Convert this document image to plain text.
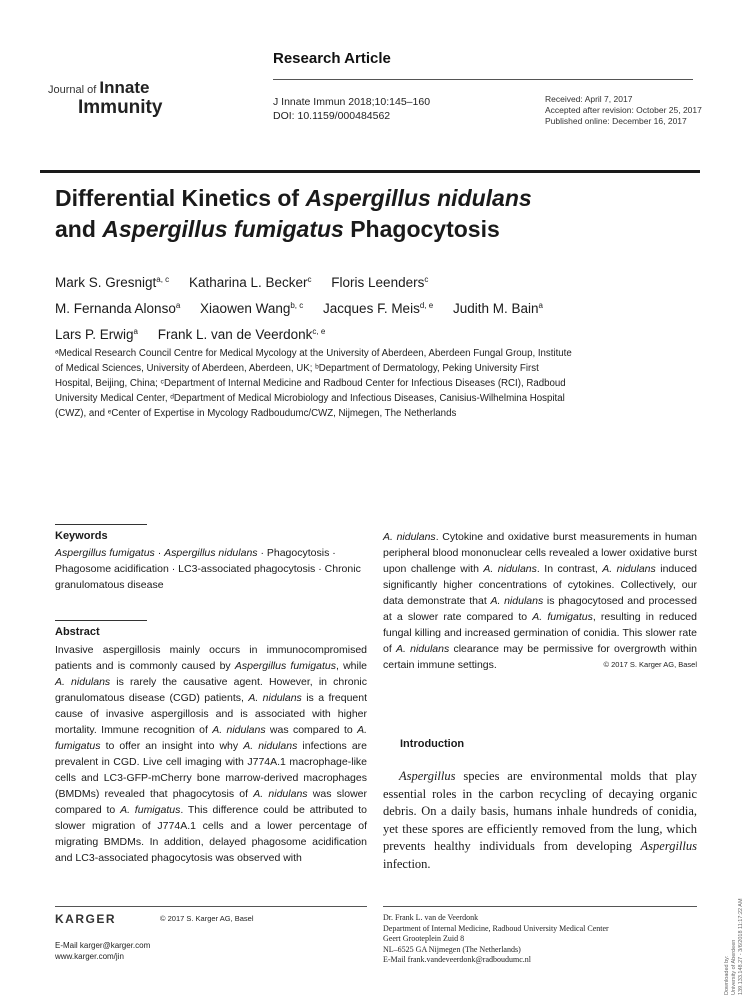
Research Article
Journal of Innate
Immunity	J Innate Immun 2018;10:145–160
DOI: 10.1159/000484562
Received: April 7, 2017
Accepted after revision: October 25, 2017
Published online: December 16, 2017
Differential Kinetics of Aspergillus nidulans
and Aspergillus fumigatus Phagocytosis
Mark S. Gresnigt$^{a, c}$ Katharina L. Becker$^c$ Floris Leenders$^c$
M. Fernanda Alonso$^a$ Xiaowen Wang$^{b, c}$ Jacques F. Meis$^{d, e}$ Judith M. Bain$^a$
Lars P. Erwig$^a$ Frank L. van de Veerdonk$^{c, e}$
ᵃMedical Research Council Centre for Medical Mycology at the University of Aberdeen, Aberdeen Fungal Group, Institute of Medical Sciences, University of Aberdeen, Aberdeen, UK; ᵇDepartment of Dermatology, Peking University First Hospital, Beijing, China; ᶜDepartment of Internal Medicine and Radboud Center for Infectious Diseases (RCI), Radboud University Medical Center, ᵈDepartment of Medical Microbiology and Infectious Diseases, Canisius-Wilhelmina Hospital (CWZ), and ᵉCenter of Expertise in Mycology Radboudumc/CWZ, Nijmegen, The Netherlands
Keywords
Aspergillus fumigatus · Aspergillus nidulans · Phagocytosis · Phagosome acidification · LC3-associated phagocytosis · Chronic granulomatous disease
Abstract
Invasive aspergillosis mainly occurs in immunocompromised patients and is commonly caused by Aspergillus fumigatus, while A. nidulans is rarely the causative agent. However, in chronic granulomatous disease (CGD) patients, A. nidulans is a frequent cause of invasive aspergillosis and is associated with higher mortality. Immune recognition of A. nidulans was compared to A. fumigatus to offer an insight into why A. nidulans infections are prevalent in CGD. Live cell imaging with J774A.1 macrophage-like cells and LC3-GFP-mCherry bone marrow-derived macrophages (BMDMs) revealed that phagocytosis of A. nidulans was slower compared to A. fumigatus. This difference could be attributed to slower migration of J774A.1 cells and a lower percentage of migrating BMDMs. In addition, delayed phagosome acidification and LC3-associated phagocytosis was observed with
A. nidulans. Cytokine and oxidative burst measurements in human peripheral blood mononuclear cells revealed a lower oxidative burst upon challenge with A. nidulans. In contrast, A. nidulans induced significantly higher concentrations of cytokines. Collectively, our data demonstrate that A. nidulans is phagocytosed and processed at a slower rate compared to A. fumigatus, resulting in reduced fungal killing and increased germination of conidia. This slower rate of A. nidulans clearance may be permissive for overgrowth within certain immune settings.	© 2017 S. Karger AG, Basel
Introduction

Aspergillus species are environmental molds that play essential roles in the carbon recycling of decaying organic debris. On a daily basis, humans inhale hundreds of conidia, yet these spores are efficiently removed from the lung, which prevents healthy individuals from developing Aspergillus infection.

KARGER	© 2017 S. Karger AG, Basel
E-Mail karger@karger.com
www.karger.com/jin
Dr. Frank L. van de Veerdonk
Department of Internal Medicine, Radboud University Medical Center
Geert Grooteplein Zuid 8
NL–6525 GA Nijmegen (The Netherlands)
E-Mail frank.vandeveerdonk@radboudumc.nl	Downloaded by: University of Aberdeen 139.133.148.27 - 3/6/2018 11:17:22 AM
